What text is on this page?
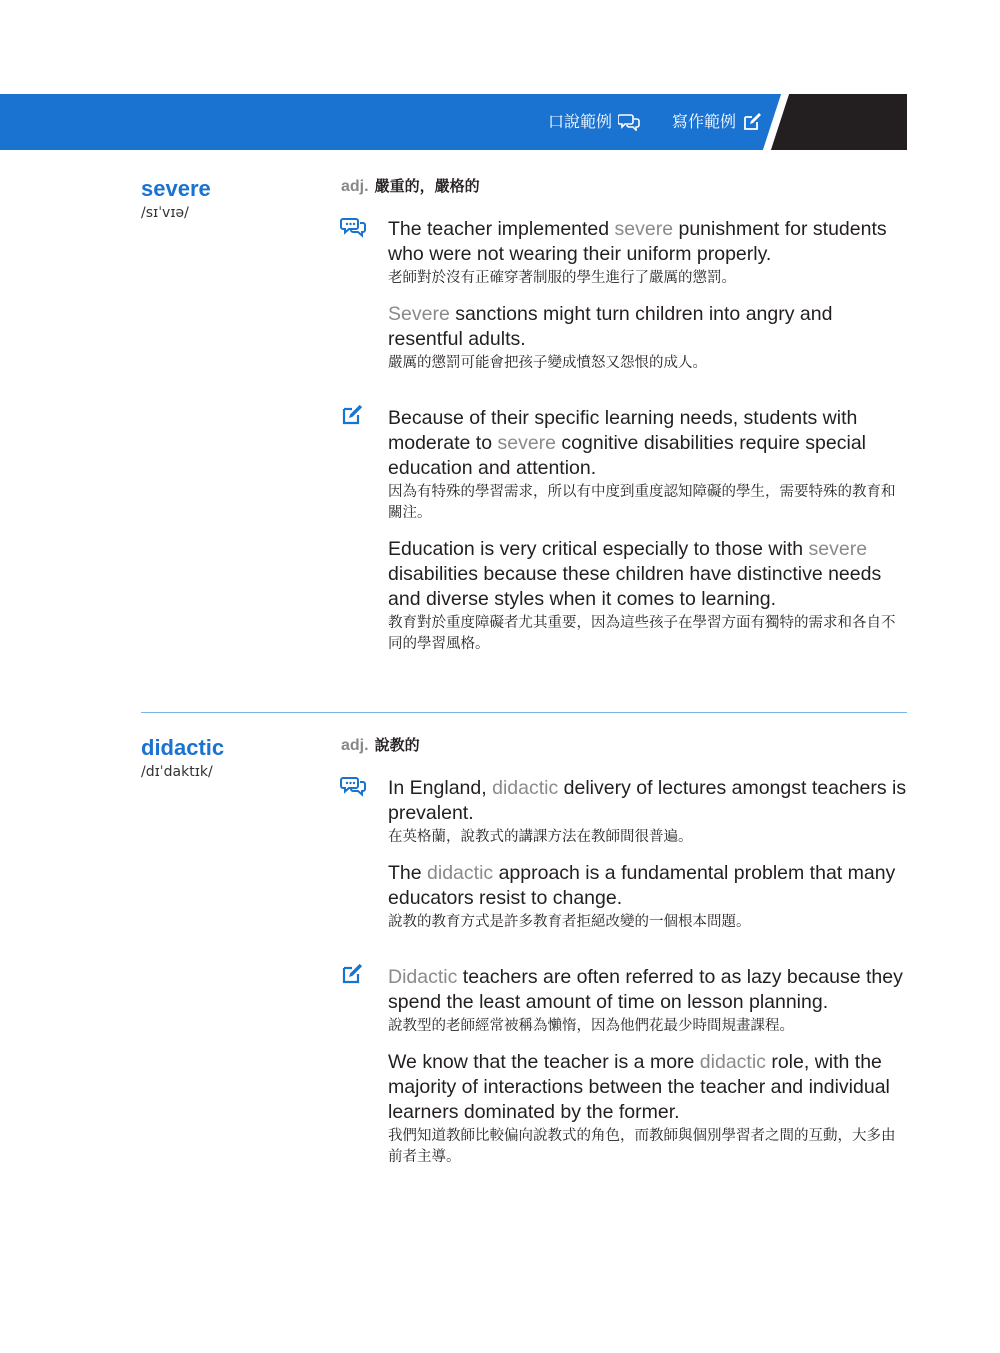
口說範例	寫作範例
severe
/sɪˈvɪə/
adj. 嚴重的，嚴格的
The teacher implemented severe punishment for students who were not wearing their uniform properly.
老師對於沒有正確穿著制服的學生進行了嚴厲的懲罰。
Severe sanctions might turn children into angry and resentful adults.
嚴厲的懲罰可能會把孩子變成憤怒又怨恨的成人。
Because of their specific learning needs, students with moderate to severe cognitive disabilities require special education and attention.
因為有特殊的學習需求，所以有中度到重度認知障礙的學生，需要特殊的教育和關注。
Education is very critical especially to those with severe disabilities because these children have distinctive needs and diverse styles when it comes to learning.
教育對於重度障礙者尤其重要，因為這些孩子在學習方面有獨特的需求和各自不同的學習風格。
didactic
/dɪˈdaktɪk/
adj. 說教的
In England, didactic delivery of lectures amongst teachers is prevalent.
在英格蘭，說教式的講課方法在教師間很普遍。
The didactic approach is a fundamental problem that many educators resist to change.
說教的教育方式是許多教育者拒絕改變的一個根本問題。
Didactic teachers are often referred to as lazy because they spend the least amount of time on lesson planning.
說教型的老師經常被稱為懶惰，因為他們花最少時間規畫課程。
We know that the teacher is a more didactic role, with the majority of interactions between the teacher and individual learners dominated by the former.
我們知道教師比較偏向說教式的角色，而教師與個別學習者之間的互動，大多由前者主導。
